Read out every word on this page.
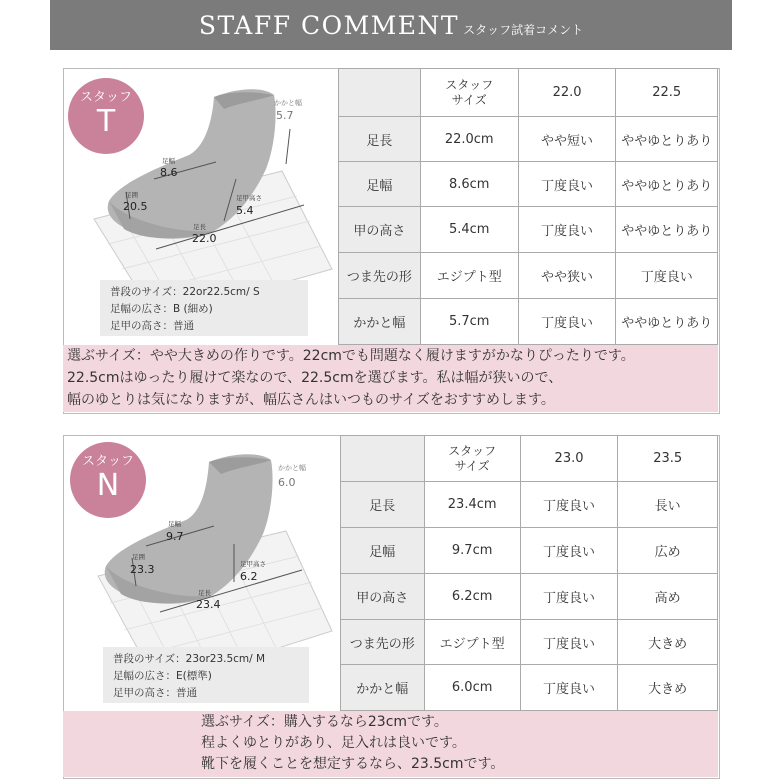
STAFF COMMENT スタッフ試着コメント
かかと幅
5.7
足幅
8.6
足囲
20.5
足甲高さ
5.4
足長
22.0
スタッフ
T
普段のサイズ：22or22.5cm/ S
足幅の広さ：B (細め)
足甲の高さ：普通
	スタッフ
サイズ	22.0	22.5
足長	22.0cm	やや短い	ややゆとりあり
足幅	8.6cm	丁度良い	ややゆとりあり
甲の高さ	5.4cm	丁度良い	ややゆとりあり
つま先の形	エジプト型	やや狭い	丁度良い
かかと幅	5.7cm	丁度良い	ややゆとりあり
選ぶサイズ：やや大きめの作りです。22cmでも問題なく履けますがかなりぴったりです。
22.5cmはゆったり履けて楽なので、22.5cmを選びます。私は幅が狭いので、
幅のゆとりは気になりますが、幅広さんはいつものサイズをおすすめします。
かかと幅
6.0
足幅
9.7
足囲
23.3	足甲高さ
6.2
足長
23.4
スタッフ
N
普段のサイズ：23or23.5cm/ M
足幅の広さ：E(標準)
足甲の高さ：普通
	スタッフ
サイズ	23.0	23.5
足長	23.4cm	丁度良い	長い
足幅	9.7cm	丁度良い	広め
甲の高さ	6.2cm	丁度良い	高め
つま先の形	エジプト型	丁度良い	大きめ
かかと幅	6.0cm	丁度良い	大きめ
選ぶサイズ：購入するなら23cmです。
程よくゆとりがあり、足入れは良いです。
靴下を履くことを想定するなら、23.5cmです。
